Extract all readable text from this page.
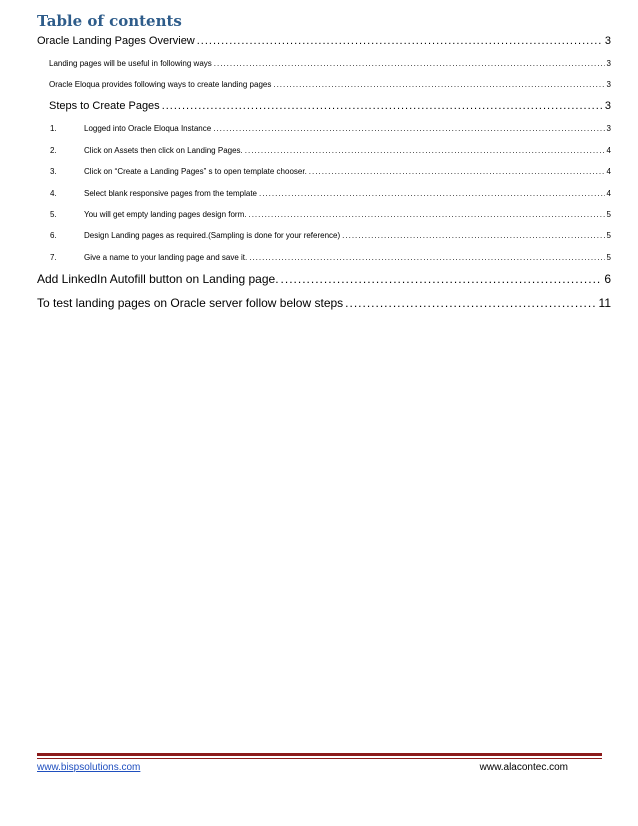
Table of contents
Oracle Landing Pages Overview .....	3
Landing pages will be useful in following ways .....	3
Oracle Eloqua provides following ways to create landing pages .....	3
Steps to Create Pages .....	3
1.	Logged into Oracle Eloqua Instance .....	3
2.	Click on Assets then click on Landing Pages. .....	4
3.	Click on “Create a Landing Pages” s to open template chooser. .....	4
4.	Select blank responsive pages from the template .....	4
5.	You will get empty landing pages design form. .....	5
6.	Design Landing pages as required.(Sampling is done for your reference) .....	5
7.	Give a name to your landing page and save it. .....	5
Add LinkedIn Autofill button on Landing page. .....	6
To test landing pages on Oracle server follow below steps .....	11
www.bispsolutions.com	www.alacontec.com
